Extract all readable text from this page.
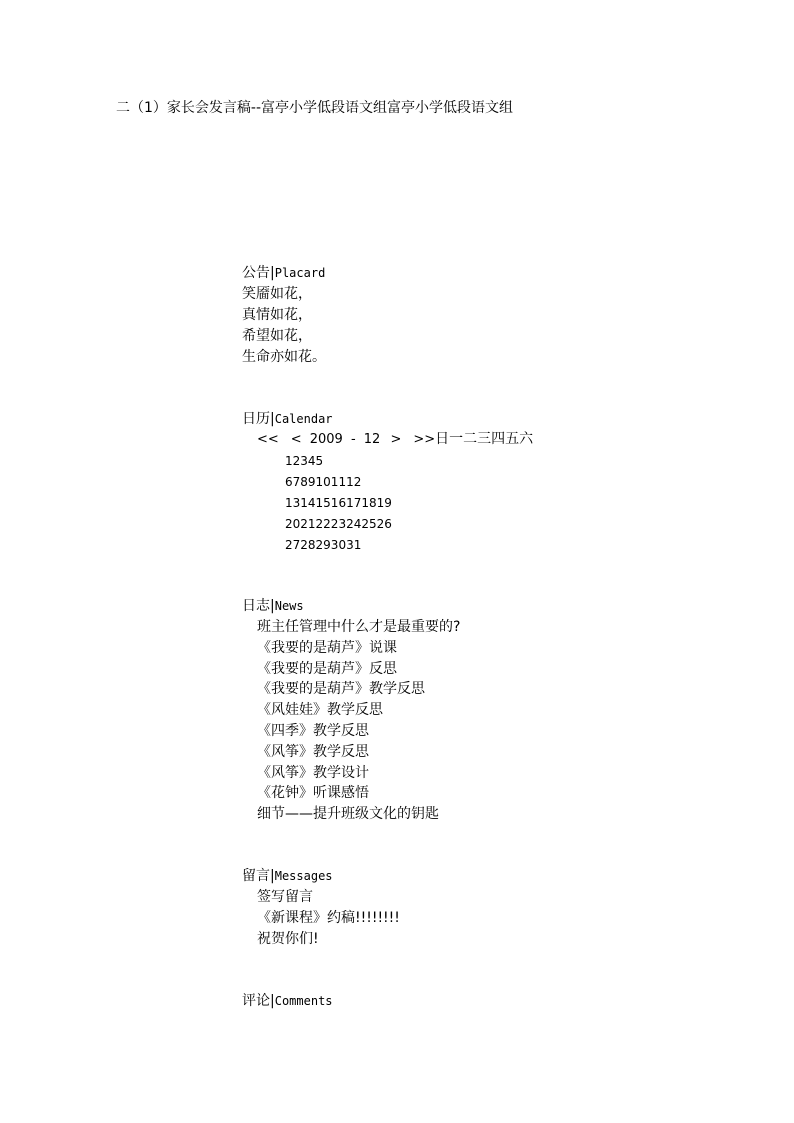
二（1）家长会发言稿--富亭小学低段语文组富亭小学低段语文组
公告|Placard
笑靥如花，
真情如花，
希望如花，
生命亦如花。
日历|Calendar
<< < 2009 - 12 > >>日一二三四五六
12345
6789101112
13141516171819
20212223242526
2728293031
日志|News
班主任管理中什么才是最重要的?
《我要的是葫芦》说课
《我要的是葫芦》反思
《我要的是葫芦》教学反思
《风娃娃》教学反思
《四季》教学反思
《风筝》教学反思
《风筝》教学设计
《花钟》听课感悟
细节——提升班级文化的钥匙
留言|Messages
签写留言
《新课程》约稿!!!!!!!!
祝贺你们!
评论|Comments
